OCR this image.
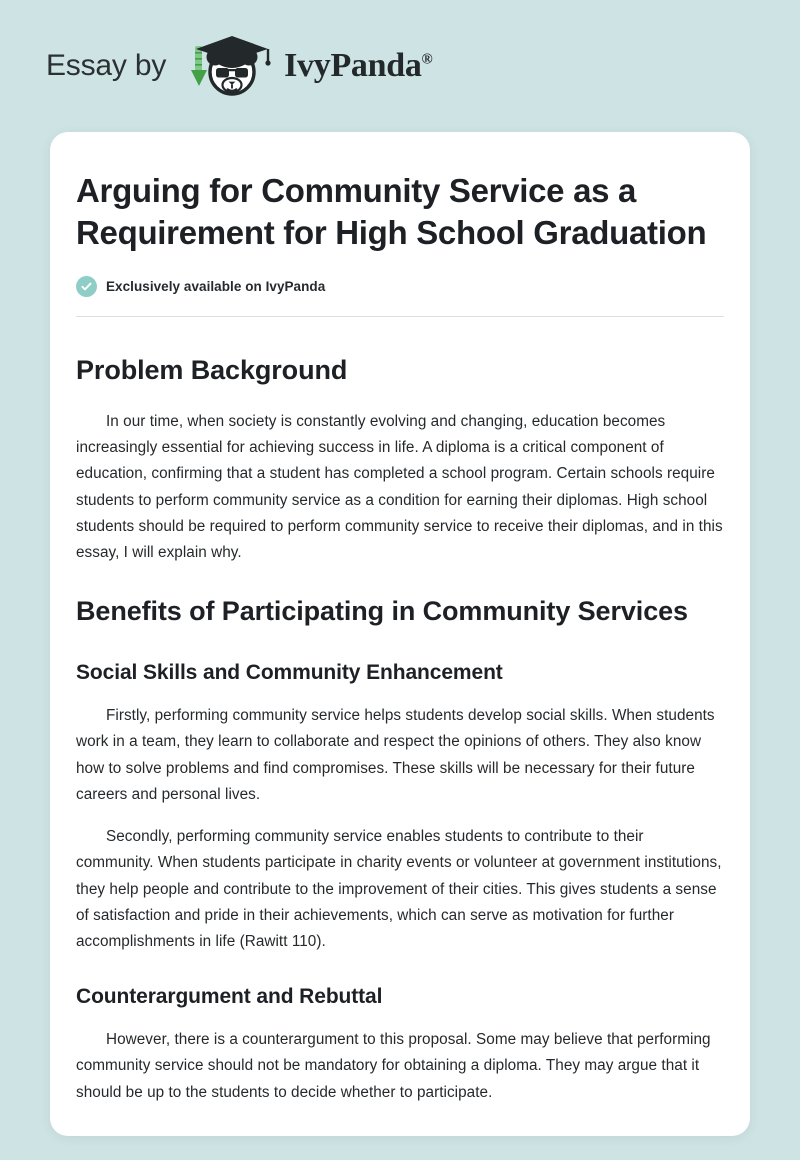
Essay by	IvyPanda®
Arguing for Community Service as a Requirement for High School Graduation
Exclusively available on IvyPanda
Problem Background

In our time, when society is constantly evolving and changing, education becomes increasingly essential for achieving success in life. A diploma is a critical component of education, confirming that a student has completed a school program. Certain schools require students to perform community service as a condition for earning their diplomas. High school students should be required to perform community service to receive their diplomas, and in this essay, I will explain why.

Benefits of Participating in Community Services
Social Skills and Community Enhancement

Firstly, performing community service helps students develop social skills. When students work in a team, they learn to collaborate and respect the opinions of others. They also know how to solve problems and find compromises. These skills will be necessary for their future careers and personal lives.

Secondly, performing community service enables students to contribute to their community. When students participate in charity events or volunteer at government institutions, they help people and contribute to the improvement of their cities. This gives students a sense of satisfaction and pride in their achievements, which can serve as motivation for further accomplishments in life (Rawitt 110).

Counterargument and Rebuttal

However, there is a counterargument to this proposal. Some may believe that performing community service should not be mandatory for obtaining a diploma. They may argue that it should be up to the students to decide whether to participate.
